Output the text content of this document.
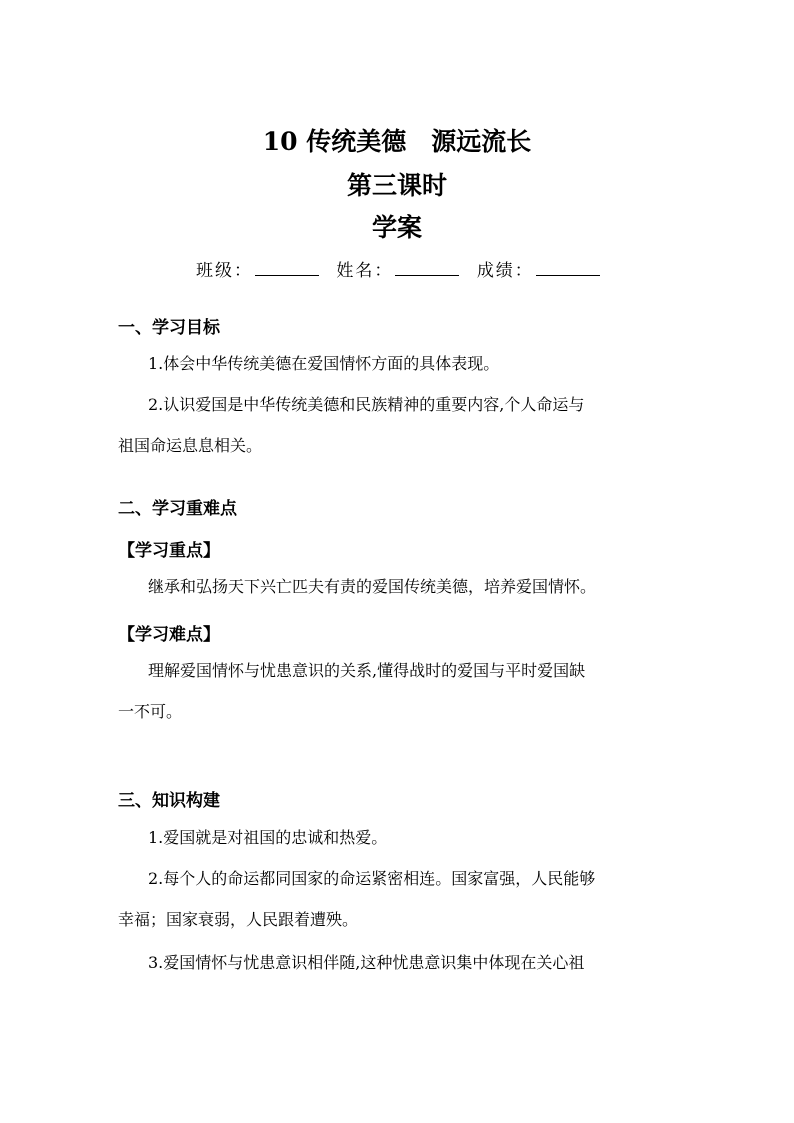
10 传统美德　源远流长
第三课时
学案
班级：	姓名：	成绩：
一、学习目标
1.体会中华传统美德在爱国情怀方面的具体表现。
2.认识爱国是中华传统美德和民族精神的重要内容,个人命运与
祖国命运息息相关。
二、学习重难点
【学习重点】
继承和弘扬天下兴亡匹夫有责的爱国传统美德，培养爱国情怀。
【学习难点】
理解爱国情怀与忧患意识的关系,懂得战时的爱国与平时爱国缺
一不可。
三、知识构建
1.爱国就是对祖国的忠诚和热爱。
2.每个人的命运都同国家的命运紧密相连。国家富强，人民能够
幸福；国家衰弱，人民跟着遭殃。
3.爱国情怀与忧患意识相伴随,这种忧患意识集中体现在关心祖
